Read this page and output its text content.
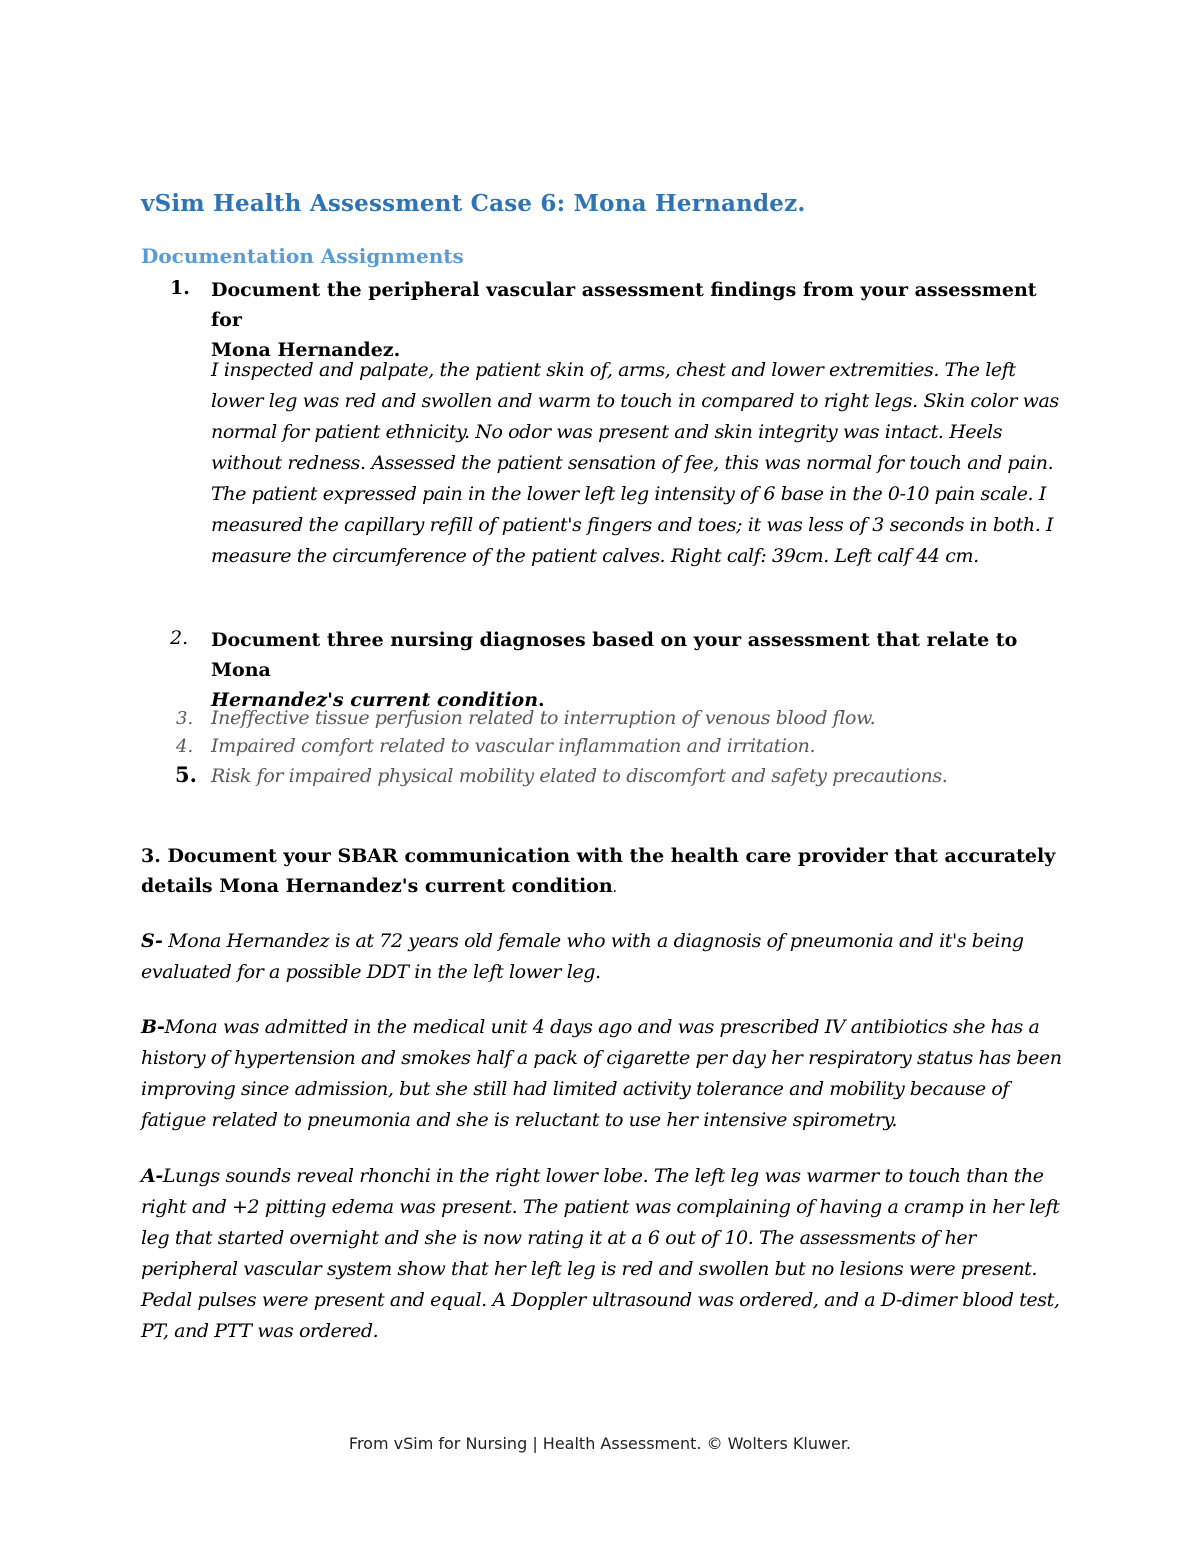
vSim Health Assessment Case 6: Mona Hernandez.
Documentation Assignments
1. Document the peripheral vascular assessment findings from your assessment for
Mona Hernandez.

I inspected and palpate, the patient skin of, arms, chest and lower extremities. The left lower leg was red and swollen and warm to touch in compared to right legs. Skin color was normal for patient ethnicity. No odor was present and skin integrity was intact. Heels without redness. Assessed the patient sensation of fee, this was normal for touch and pain. The patient expressed pain in the lower left leg intensity of 6 base in the 0-10 pain scale. I measured the capillary refill of patient's fingers and toes; it was less of 3 seconds in both. I measure the circumference of the patient calves. Right calf: 39cm. Left calf 44 cm.

2. Document three nursing diagnoses based on your assessment that relate to Mona
Hernandez's current condition.

3. Ineffective tissue perfusion related to interruption of venous blood flow.
4. Impaired comfort related to vascular inflammation and irritation.
5. Risk for impaired physical mobility elated to discomfort and safety precautions.

3. Document your SBAR communication with the health care provider that accurately
details Mona Hernandez's current condition.

S- Mona Hernandez is at 72 years old female who with a diagnosis of pneumonia and it's being evaluated for a possible DDT in the left lower leg.

B-Mona was admitted in the medical unit 4 days ago and was prescribed IV antibiotics she has a history of hypertension and smokes half a pack of cigarette per day her respiratory status has been improving since admission, but she still had limited activity tolerance and mobility because of fatigue related to pneumonia and she is reluctant to use her intensive spirometry.

A-Lungs sounds reveal rhonchi in the right lower lobe. The left leg was warmer to touch than the right and +2 pitting edema was present. The patient was complaining of having a cramp in her left leg that started overnight and she is now rating it at a 6 out of 10. The assessments of her peripheral vascular system show that her left leg is red and swollen but no lesions were present. Pedal pulses were present and equal. A Doppler ultrasound was ordered, and a D-dimer blood test, PT, and PTT was ordered.

From vSim for Nursing | Health Assessment. © Wolters Kluwer.
